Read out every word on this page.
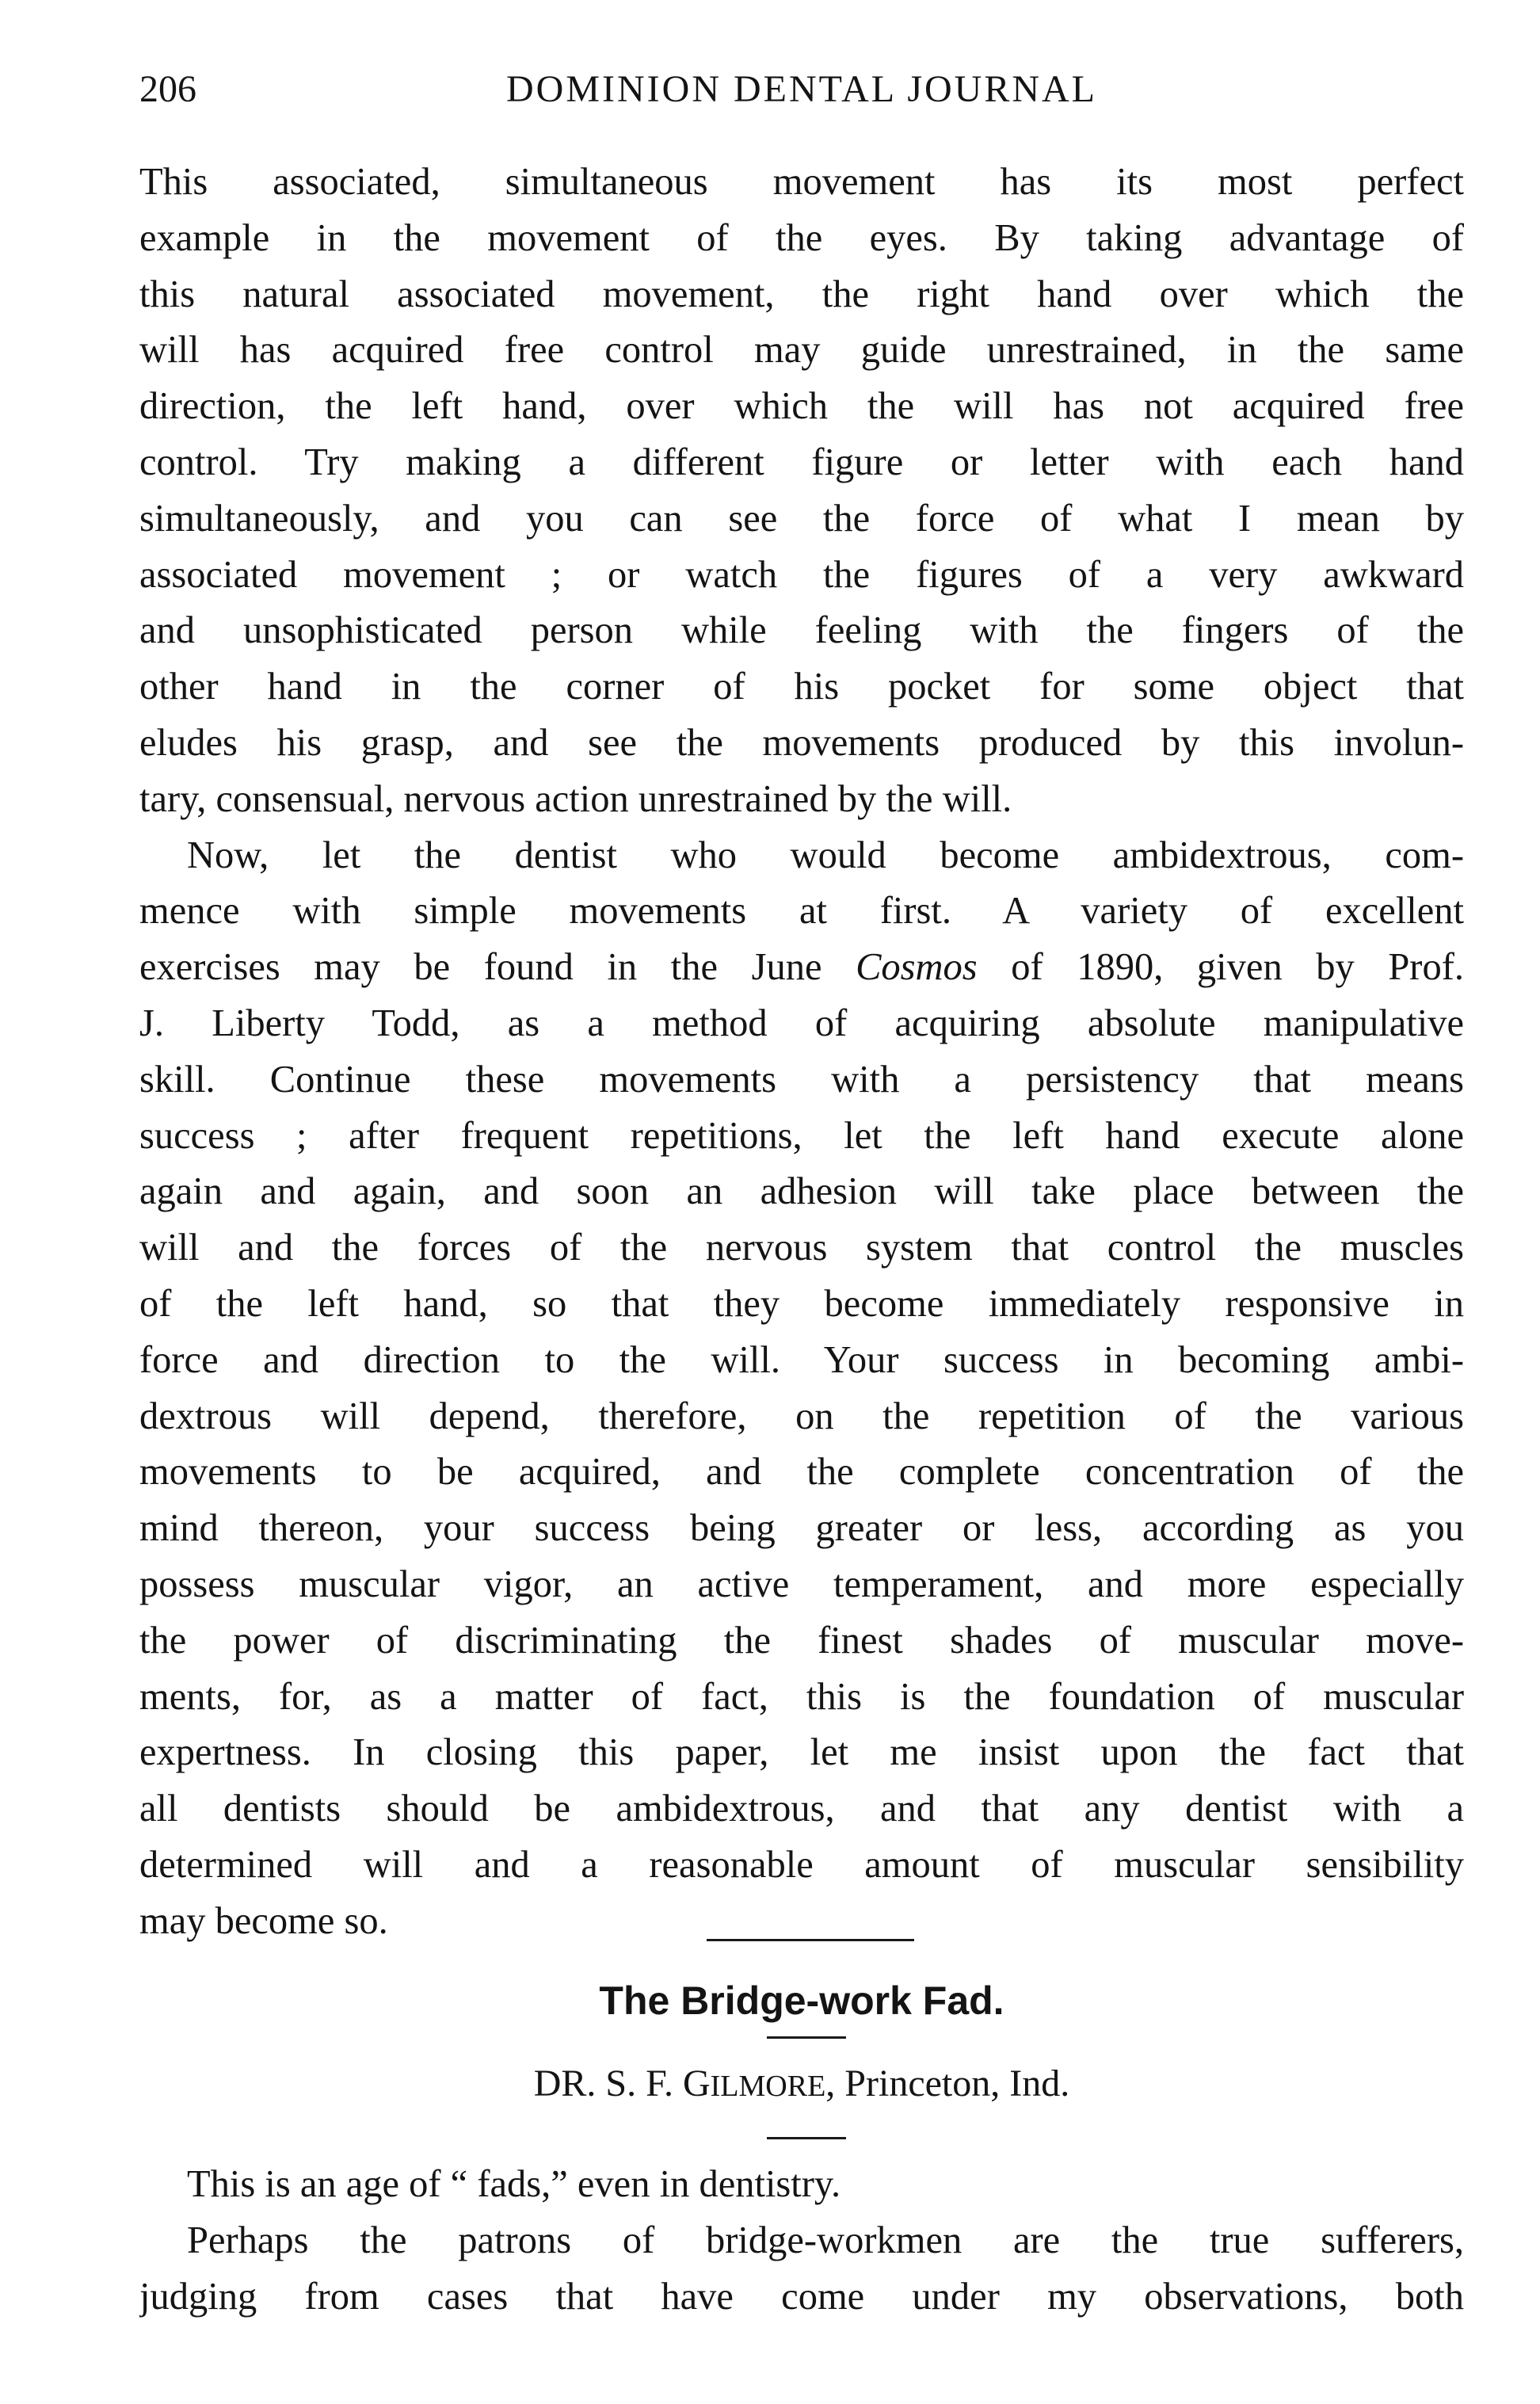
206	DOMINION DENTAL JOURNAL
This associated, simultaneous movement has its most perfect
example in the movement of the eyes. By taking advantage of
this natural associated movement, the right hand over which the
will has acquired free control may guide unrestrained, in the same
direction, the left hand, over which the will has not acquired free
control. Try making a different figure or letter with each hand
simultaneously, and you can see the force of what I mean by
associated movement ; or watch the figures of a very awkward
and unsophisticated person while feeling with the fingers of the
other hand in the corner of his pocket for some object that
eludes his grasp, and see the movements produced by this involun-
tary, consensual, nervous action unrestrained by the will.
Now, let the dentist who would become ambidextrous, com-
mence with simple movements at first. A variety of excellent
exercises may be found in the June Cosmos of 1890, given by Prof.
J. Liberty Todd, as a method of acquiring absolute manipulative
skill. Continue these movements with a persistency that means
success ; after frequent repetitions, let the left hand execute alone
again and again, and soon an adhesion will take place between the
will and the forces of the nervous system that control the muscles
of the left hand, so that they become immediately responsive in
force and direction to the will. Your success in becoming ambi-
dextrous will depend, therefore, on the repetition of the various
movements to be acquired, and the complete concentration of the
mind thereon, your success being greater or less, according as you
possess muscular vigor, an active temperament, and more especially
the power of discriminating the finest shades of muscular move-
ments, for, as a matter of fact, this is the foundation of muscular
expertness. In closing this paper, let me insist upon the fact that
all dentists should be ambidextrous, and that any dentist with a
determined will and a reasonable amount of muscular sensibility
may become so.
The Bridge-work Fad.
DR. S. F. GILMORE, Princeton, Ind.
This is an age of “ fads,” even in dentistry.
Perhaps the patrons of bridge-workmen are the true sufferers,
judging from cases that have come under my observations, both
